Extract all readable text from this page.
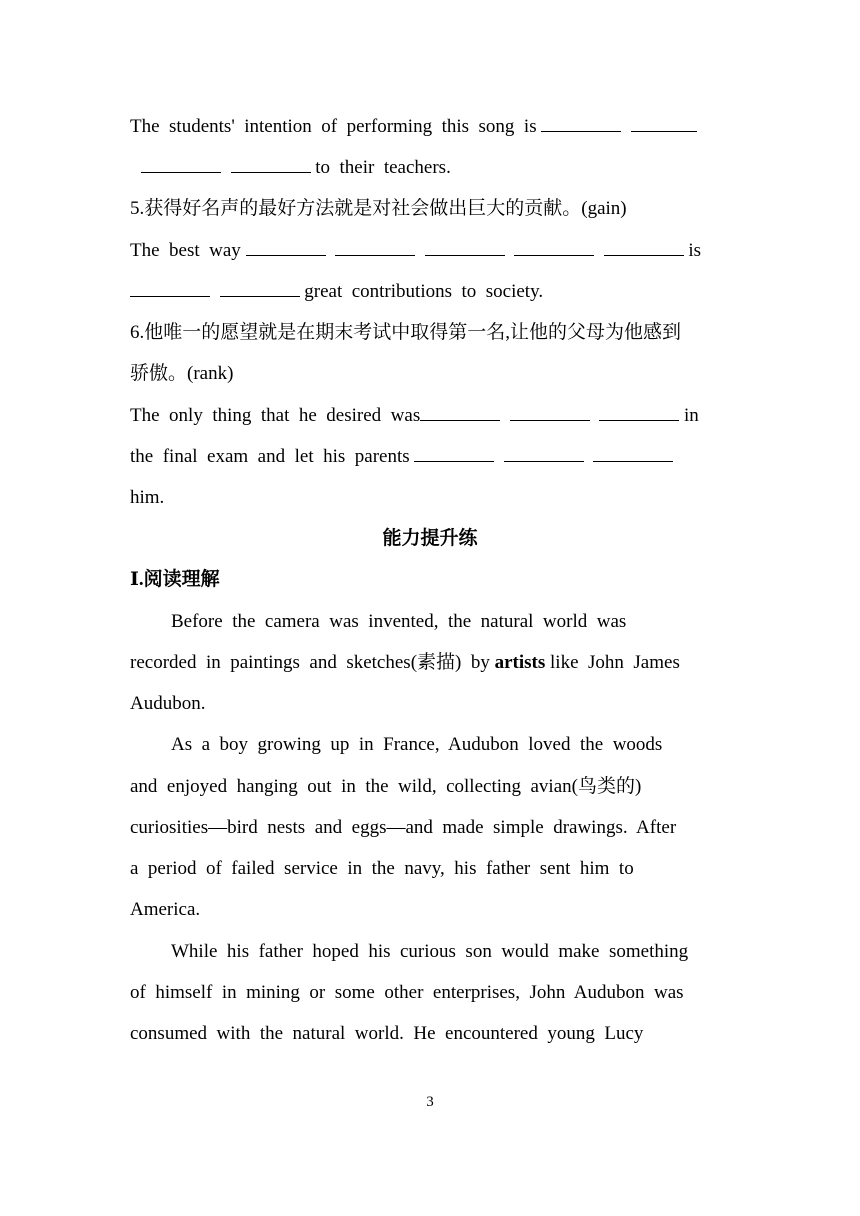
The  students'  intention  of  performing  this  song  is

to  their  teachers.

5.获得好名声的最好方法就是对社会做出巨大的贡献。(gain)

The  best  way	is

great  contributions  to  society.

6.他唯一的愿望就是在期末考试中取得第一名,让他的父母为他感到

骄傲。(rank)

The  only  thing  that  he  desired  was	in

the  final  exam  and  let  his  parents

him.

能力提升练

Ⅰ.阅读理解

Before  the  camera  was  invented,  the  natural  world  was

recorded  in  paintings  and  sketches(素描)  by artists like  John  James

Audubon.

As  a  boy  growing  up  in  France,  Audubon  loved  the  woods

and  enjoyed  hanging  out  in  the  wild,  collecting  avian(鸟类的)

curiosities—bird  nests  and  eggs—and  made  simple  drawings.  After

a  period  of  failed  service  in  the  navy,  his  father  sent  him  to

America.

While  his  father  hoped  his  curious  son  would  make  something

of  himself  in  mining  or  some  other  enterprises,  John  Audubon  was

consumed  with  the  natural  world.  He  encountered  young  Lucy

3
